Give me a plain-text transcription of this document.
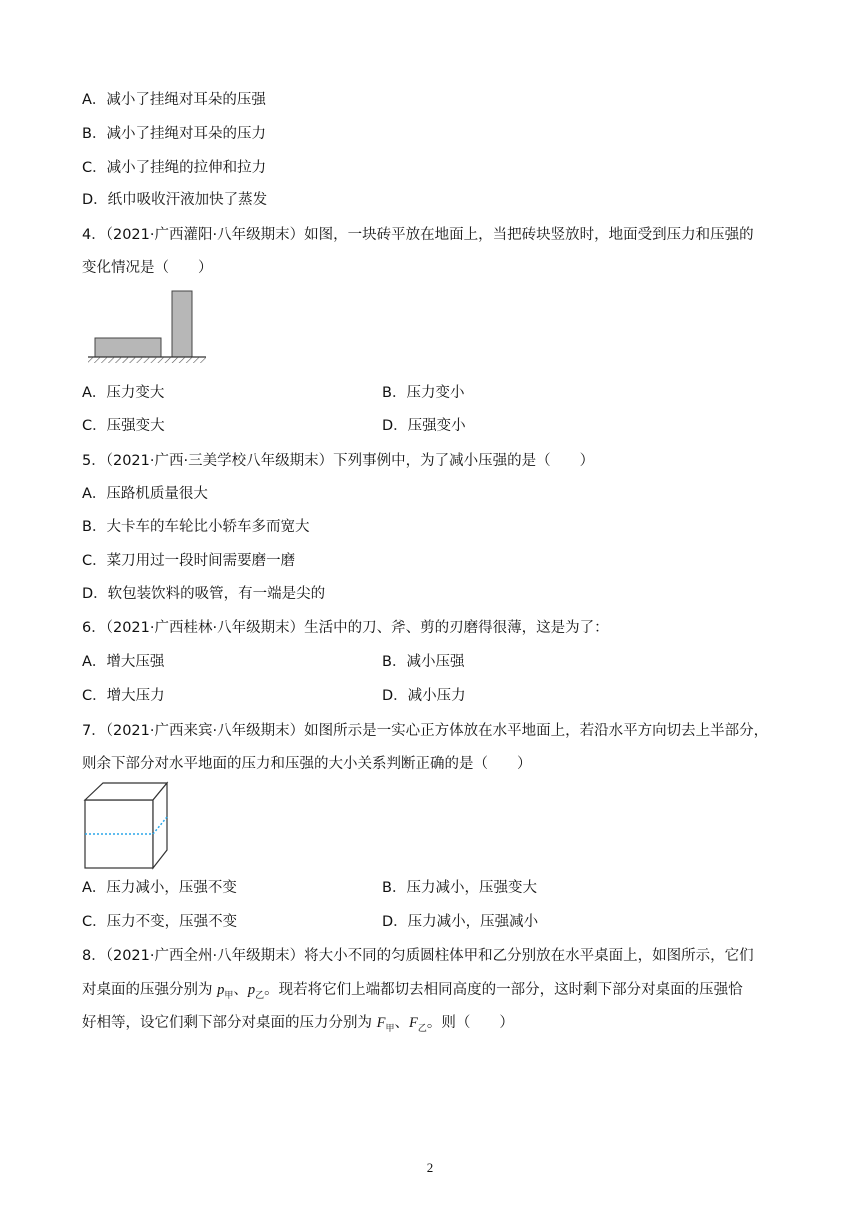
A．减小了挂绳对耳朵的压强
B．减小了挂绳对耳朵的压力
C．减小了挂绳的拉伸和拉力
D．纸巾吸收汗液加快了蒸发
4．（2021·广西灌阳·八年级期末）如图，一块砖平放在地面上，当把砖块竖放时，地面受到压力和压强的
变化情况是（　　）
A．压力变大	B．压力变小
C．压强变大	D．压强变小
5．（2021·广西·三美学校八年级期末）下列事例中，为了减小压强的是（　　）
A．压路机质量很大
B．大卡车的车轮比小轿车多而宽大
C．菜刀用过一段时间需要磨一磨
D．软包装饮料的吸管，有一端是尖的
6．（2021·广西桂林·八年级期末）生活中的刀、斧、剪的刃磨得很薄，这是为了：
A．增大压强	B．减小压强
C．增大压力	D．减小压力
7．（2021·广西来宾·八年级期末）如图所示是一实心正方体放在水平地面上，若沿水平方向切去上半部分，
则余下部分对水平地面的压力和压强的大小关系判断正确的是（　　）
A．压力减小，压强不变	B．压力减小，压强变大
C．压力不变，压强不变	D．压力减小，压强减小
8．（2021·广西全州·八年级期末）将大小不同的匀质圆柱体甲和乙分别放在水平桌面上，如图所示，它们
对桌面的压强分别为 $p_甲$、$p_乙$。现若将它们上端都切去相同高度的一部分，这时剩下部分对桌面的压强恰
好相等，设它们剩下部分对桌面的压力分别为 $F_甲$、$F_乙$。则（　　）
2
